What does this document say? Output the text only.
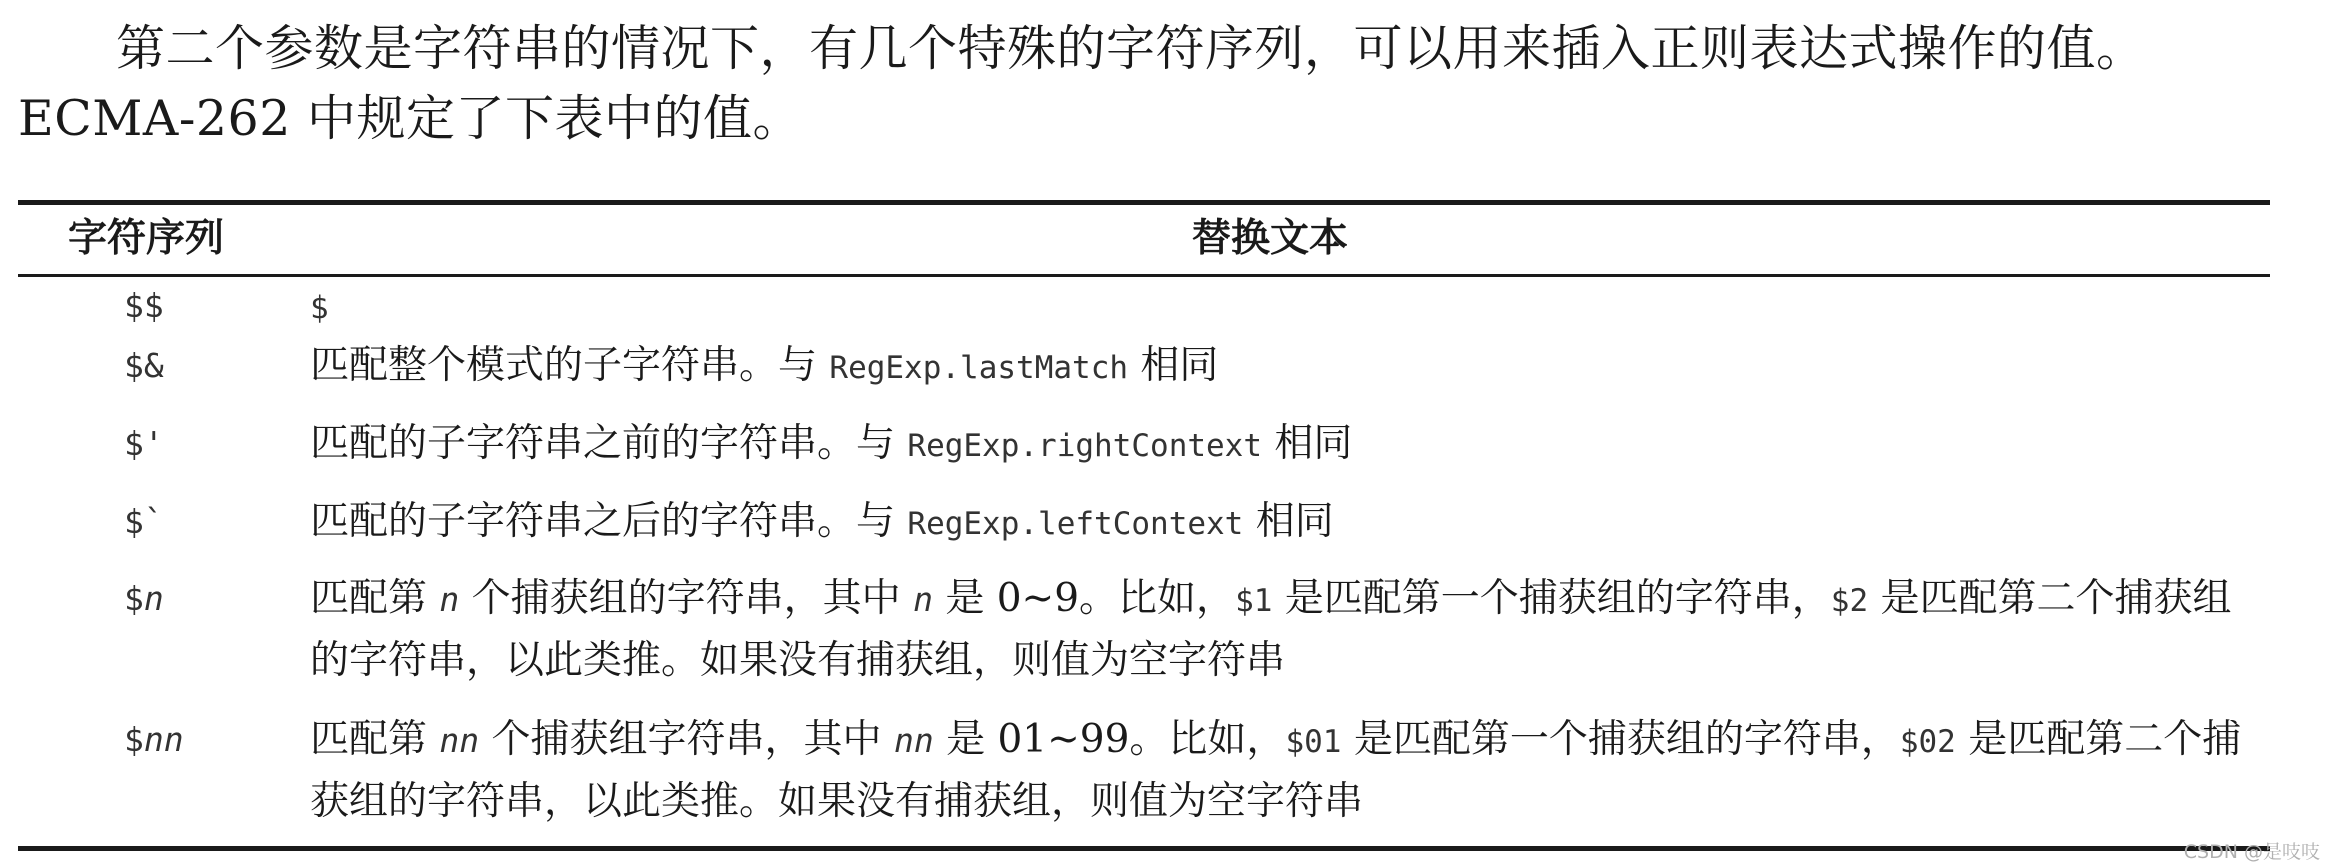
第二个参数是字符串的情况下，有几个特殊的字符序列，可以用来插入正则表达式操作的值。
ECMA-262 中规定了下表中的值。
字符序列	替换文本
$$	$
$&	匹配整个模式的子字符串。与 RegExp.lastMatch 相同
$'	匹配的子字符串之前的字符串。与 RegExp.rightContext 相同
$`	匹配的子字符串之后的字符串。与 RegExp.leftContext 相同
$n	匹配第 n 个捕获组的字符串，其中 n 是 0~9。比如，$1 是匹配第一个捕获组的字符串，$2 是匹配第二个捕获组的字符串，以此类推。如果没有捕获组，则值为空字符串
$nn	匹配第 nn 个捕获组字符串，其中 nn 是 01~99。比如，$01 是匹配第一个捕获组的字符串，$02 是匹配第二个捕获组的字符串，以此类推。如果没有捕获组，则值为空字符串
CSDN @是吱吱
